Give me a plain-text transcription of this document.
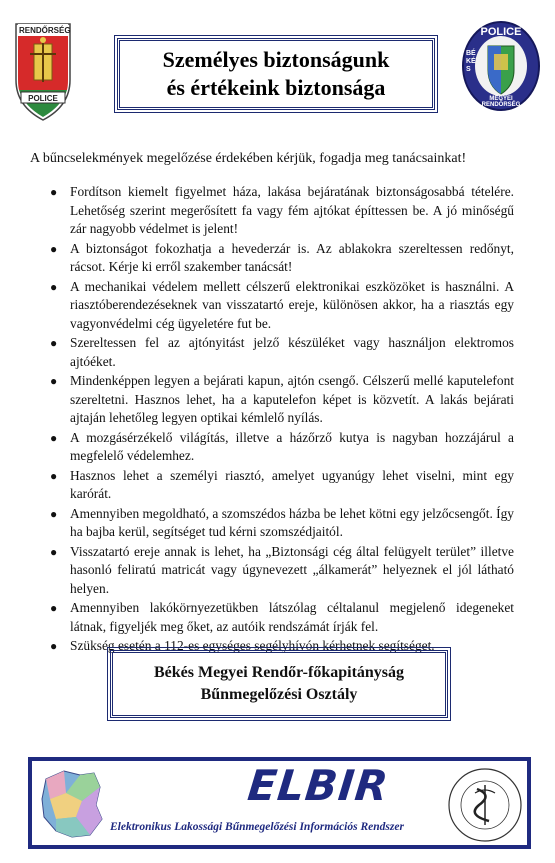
RENDŐRSÉG
POLICE
Személyes biztonságunk
és értékeink biztonsága
POLICE
BÉKÉS
MEGYEI RENDŐRSÉG
A bűncselekmények megelőzése érdekében kérjük, fogadja meg tanácsainkat!
● Fordítson kiemelt figyelmet háza, lakása bejáratának biztonságosabbá tételére. Lehetőség szerint megerősített fa vagy fém ajtókat építtessen be. A jó minőségű zár nagyobb védelmet is jelent!
● A biztonságot fokozhatja a hevederzár is. Az ablakokra szereltessen redőnyt, rácsot. Kérje ki erről szakember tanácsát!
● A mechanikai védelem mellett célszerű elektronikai eszközöket is használni. A riasztóberendezéseknek van visszatartó ereje, különösen akkor, ha a riasztás egy vagyonvédelmi cég ügyeletére fut be.
● Szereltessen fel az ajtónyitást jelző készüléket vagy használjon elektromos ajtóéket.
● Mindenképpen legyen a bejárati kapun, ajtón csengő. Célszerű mellé kaputelefont szereltetni. Hasznos lehet, ha a kaputelefon képet is közvetít. A lakás bejárati ajtaján lehetőleg legyen optikai kémlelő nyílás.
● A mozgásérzékelő világítás, illetve a házőrző kutya is nagyban hozzájárul a megfelelő védelemhez.
● Hasznos lehet a személyi riasztó, amelyet ugyanúgy lehet viselni, mint egy karórát.
● Amennyiben megoldható, a szomszédos házba be lehet kötni egy jelzőcsengőt. Így ha bajba kerül, segítséget tud kérni szomszédjaitól.
● Visszatartó ereje annak is lehet, ha „Biztonsági cég által felügyelt terület” illetve hasonló feliratú matricát vagy úgynevezett „álkamerát” helyeznek el jól látható helyen.
● Amennyiben lakókörnyezetükben látszólag céltalanul megjelenő idegeneket látnak, figyeljék meg őket, az autóik rendszámát írják fel.
● Szükség esetén a 112-es egységes segélyhívón kérhetnek segítséget.
Békés Megyei Rendőr-főkapitányság
Bűnmegelőzési Osztály
ELBIR
Elektronikus Lakossági Bűnmegelőzési Információs Rendszer
